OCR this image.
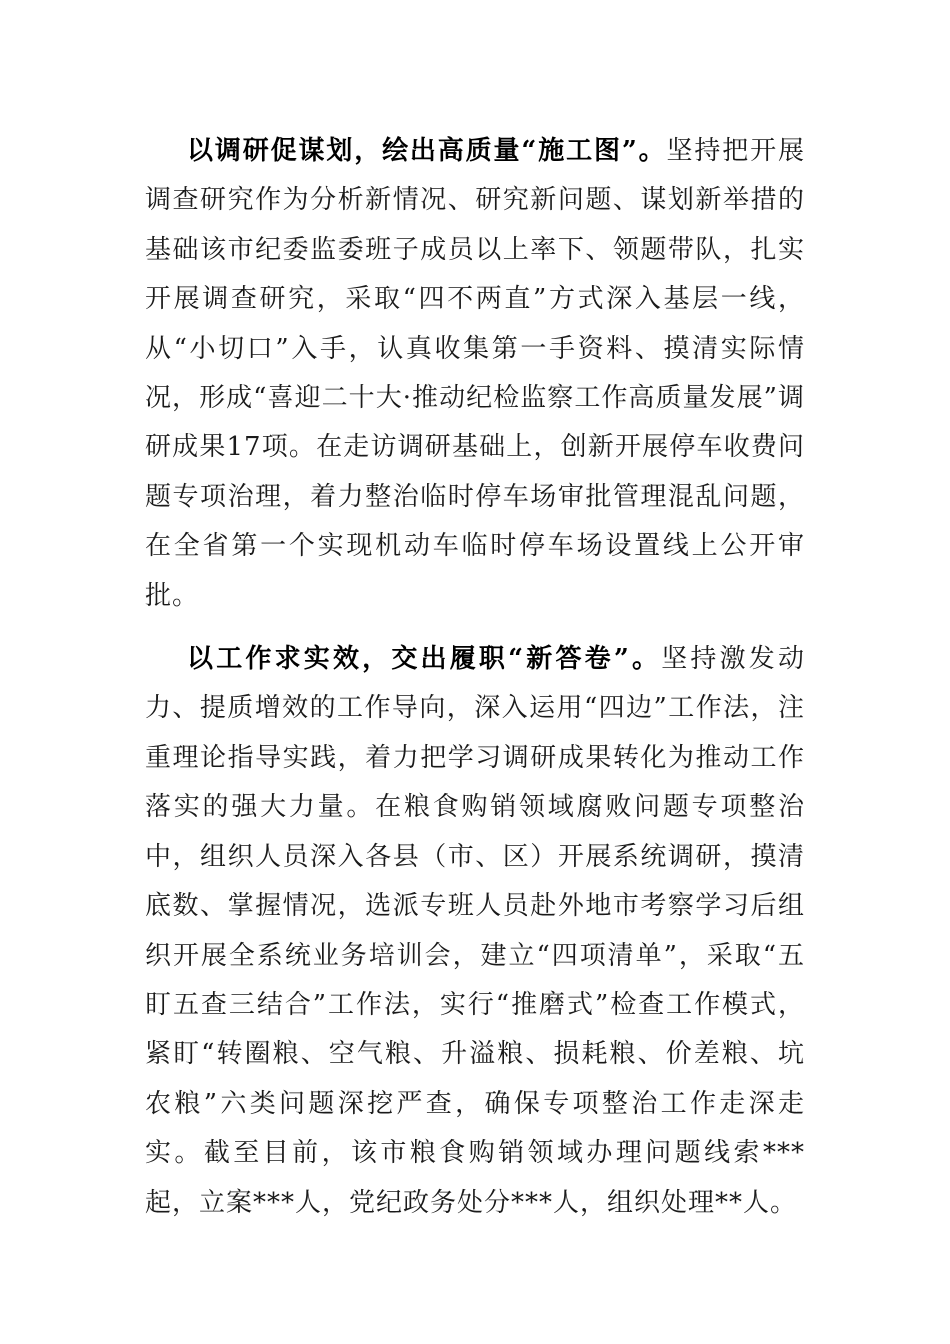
以调研促谋划，绘出高质量“施工图”。坚持把开展调查研究作为分析新情况、研究新问题、谋划新举措的基础该市纪委监委班子成员以上率下、领题带队，扎实开展调查研究，采取“四不两直”方式深入基层一线，从“小切口”入手，认真收集第一手资料、摸清实际情况，形成“喜迎二十大·推动纪检监察工作高质量发展”调研成果17项。在走访调研基础上，创新开展停车收费问题专项治理，着力整治临时停车场审批管理混乱问题，在全省第一个实现机动车临时停车场设置线上公开审批。

以工作求实效，交出履职“新答卷”。坚持激发动力、提质增效的工作导向，深入运用“四边”工作法，注重理论指导实践，着力把学习调研成果转化为推动工作落实的强大力量。在粮食购销领域腐败问题专项整治中，组织人员深入各县（市、区）开展系统调研，摸清底数、掌握情况，选派专班人员赴外地市考察学习后组织开展全系统业务培训会，建立“四项清单”，采取“五盯五查三结合”工作法，实行“推磨式”检查工作模式，紧盯“转圈粮、空气粮、升溢粮、损耗粮、价差粮、坑农粮”六类问题深挖严查，确保专项整治工作走深走实。截至目前，该市粮食购销领域办理问题线索***起，立案***人，党纪政务处分***人，组织处理**人。
